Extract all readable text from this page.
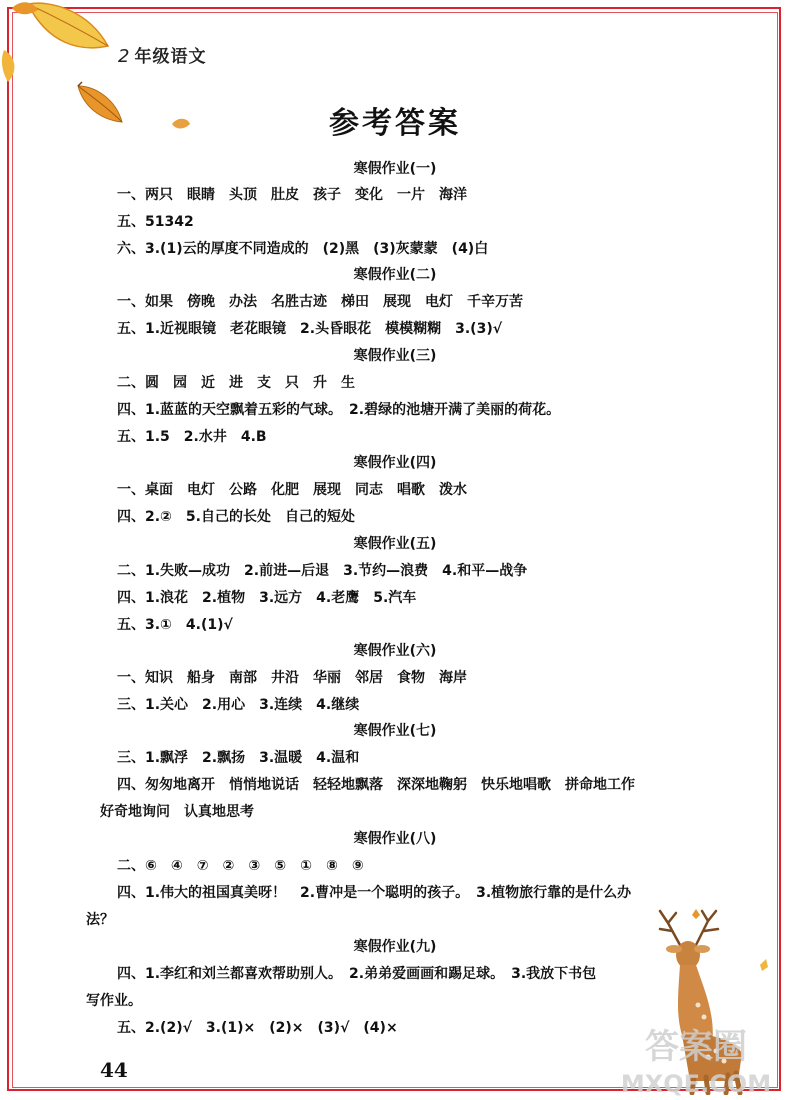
2 年级语文
参考答案
寒假作业(一)
一、两只　眼睛　头顶　肚皮　孩子　变化　一片　海洋
五、51342
六、3.(1)云的厚度不同造成的　(2)黑　(3)灰蒙蒙　(4)白
寒假作业(二)
一、如果　傍晚　办法　名胜古迹　梯田　展现　电灯　千辛万苦
五、1.近视眼镜　老花眼镜　2.头昏眼花　模模糊糊　3.(3)√
寒假作业(三)
二、圆　园　近　进　支　只　升　生
四、1.蓝蓝的天空飘着五彩的气球。　2.碧绿的池塘开满了美丽的荷花。
五、1.5　2.水井　4.B
寒假作业(四)
一、桌面　电灯　公路　化肥　展现　同志　唱歌　泼水
四、2.②　5.自己的长处　自己的短处
寒假作业(五)
二、1.失败—成功　2.前进—后退　3.节约—浪费　4.和平—战争
四、1.浪花　2.植物　3.远方　4.老鹰　5.汽车
五、3.①　4.(1)√
寒假作业(六)
一、知识　船身　南部　井沿　华丽　邻居　食物　海岸
三、1.关心　2.用心　3.连续　4.继续
寒假作业(七)
三、1.飘浮　2.飘扬　3.温暖　4.温和
四、匆匆地离开　悄悄地说话　轻轻地飘落　深深地鞠躬　快乐地唱歌　拼命地工作
好奇地询问　认真地思考
寒假作业(八)
二、⑥　④　⑦　②　③　⑤　①　⑧　⑨
四、1.伟大的祖国真美呀！　2.曹冲是一个聪明的孩子。　3.植物旅行靠的是什么办
法？
寒假作业(九)
四、1.李红和刘兰都喜欢帮助别人。　2.弟弟爱画画和踢足球。　3.我放下书包
写作业。
五、2.(2)√　3.(1)×　(2)×　(3)√　(4)×	答案圈
MXQE.COM
44
